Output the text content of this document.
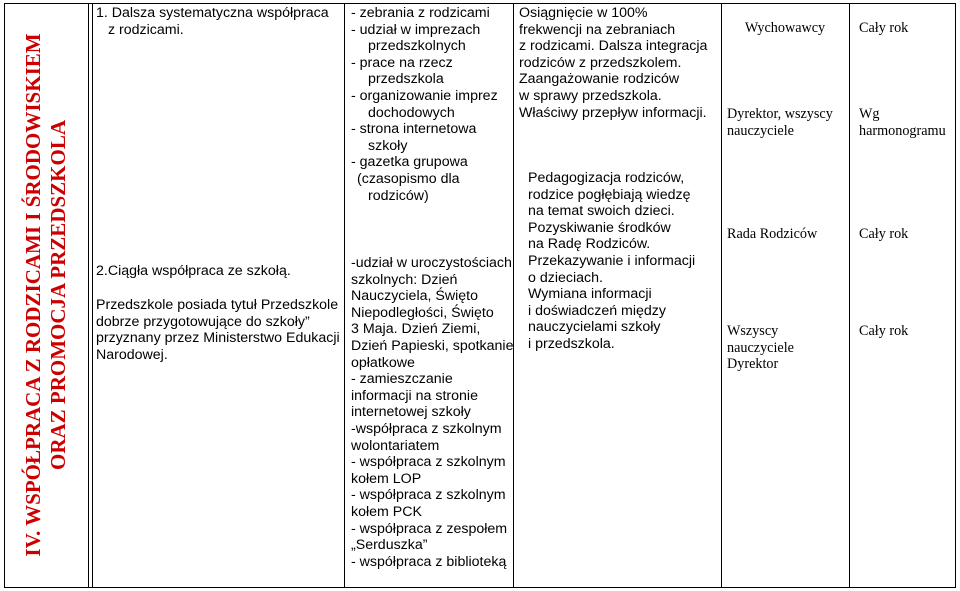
IV. WSPÓŁPRACA Z RODZICAMI I ŚRODOWISKIEM ORAZ PROMOCJA PRZEDSZKOLA
1. Dalsza systematyczna współpraca
z rodzicami.
2.Ciągła współpraca ze szkołą.
Przedszkole posiada tytuł Przedszkole
dobrze przygotowujące do szkoły”
przyznany przez Ministerstwo Edukacji
Narodowej.
- zebrania z rodzicami
- udział w imprezach
przedszkolnych
- prace na rzecz
przedszkola
- organizowanie imprez
dochodowych
- strona internetowa
szkoły
- gazetka grupowa
(czasopismo dla
rodziców)
-udział w uroczystościach
szkolnych: Dzień
Nauczyciela, Święto
Niepodległości, Święto
3 Maja. Dzień Ziemi,
Dzień Papieski, spotkanie
opłatkowe
- zamieszczanie
informacji na stronie
internetowej szkoły
-współpraca z szkolnym
wolontariatem
- współpraca z szkolnym
kołem LOP
- współpraca z szkolnym
kołem PCK
- współpraca z zespołem
„Serduszka”
- współpraca z biblioteką
Osiągnięcie w 100%
frekwencji na zebraniach
z rodzicami. Dalsza integracja
rodziców z przedszkolem.
Zaangażowanie rodziców
w sprawy przedszkola.
Właściwy przepływ informacji.
Pedagogizacja rodziców,
rodzice pogłębiają wiedzę
na temat swoich dzieci.
Pozyskiwanie środków
na Radę Rodziców.
Przekazywanie i informacji
o dzieciach.
Wymiana informacji
i doświadczeń między
nauczycielami szkoły
i przedszkola.
Wychowawcy
Dyrektor, wszyscy
nauczyciele
Rada Rodziców
Wszyscy
nauczyciele
Dyrektor
Cały rok
Wg
harmonogramu
Cały rok
Cały rok
